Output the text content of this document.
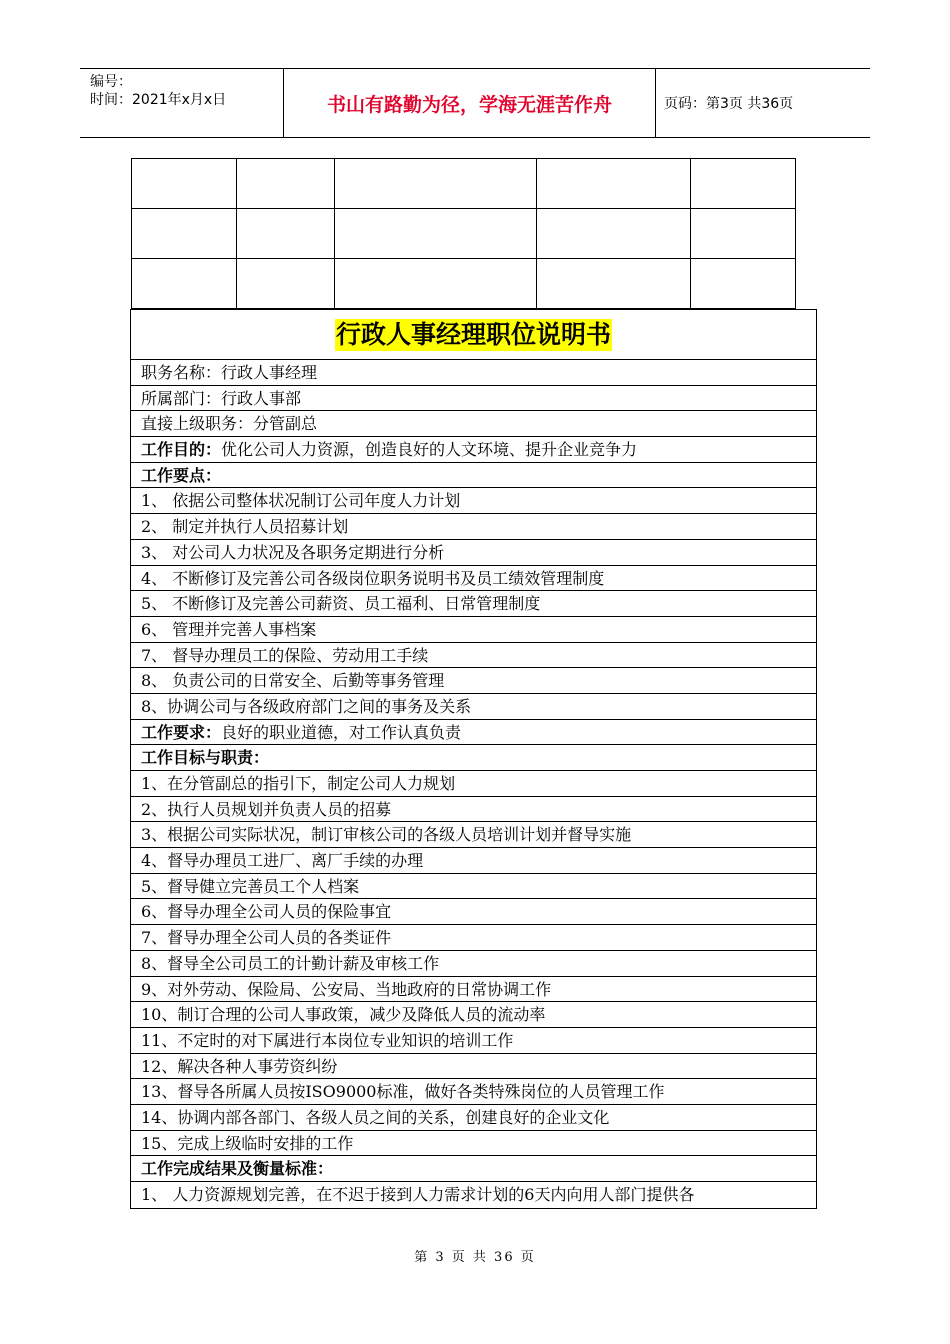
编号：
时间：2021年x月x日	书山有路勤为径，学海无涯苦作舟	页码：第3页 共36页

行政人事经理职位说明书
职务名称：行政人事经理
所属部门：行政人事部
直接上级职务：分管副总
工作目的：优化公司人力资源，创造良好的人文环境、提升企业竞争力
工作要点：
1、 依据公司整体状况制订公司年度人力计划
2、 制定并执行人员招募计划
3、 对公司人力状况及各职务定期进行分析
4、 不断修订及完善公司各级岗位职务说明书及员工绩效管理制度
5、 不断修订及完善公司薪资、员工福利、日常管理制度
6、 管理并完善人事档案
7、 督导办理员工的保险、劳动用工手续
8、 负责公司的日常安全、后勤等事务管理
8、协调公司与各级政府部门之间的事务及关系
工作要求：良好的职业道德，对工作认真负责
工作目标与职责：
1、在分管副总的指引下，制定公司人力规划
2、执行人员规划并负责人员的招募
3、根据公司实际状况，制订审核公司的各级人员培训计划并督导实施
4、督导办理员工进厂、离厂手续的办理
5、督导健立完善员工个人档案
6、督导办理全公司人员的保险事宜
7、督导办理全公司人员的各类证件
8、督导全公司员工的计勤计薪及审核工作
9、对外劳动、保险局、公安局、当地政府的日常协调工作
10、制订合理的公司人事政策，减少及降低人员的流动率
11、不定时的对下属进行本岗位专业知识的培训工作
12、解决各种人事劳资纠纷
13、督导各所属人员按ISO9000标准，做好各类特殊岗位的人员管理工作
14、协调内部各部门、各级人员之间的关系，创建良好的企业文化
15、完成上级临时安排的工作
工作完成结果及衡量标准：
1、 人力资源规划完善，在不迟于接到人力需求计划的6天内向用人部门提供各
第 3 页 共 36 页
